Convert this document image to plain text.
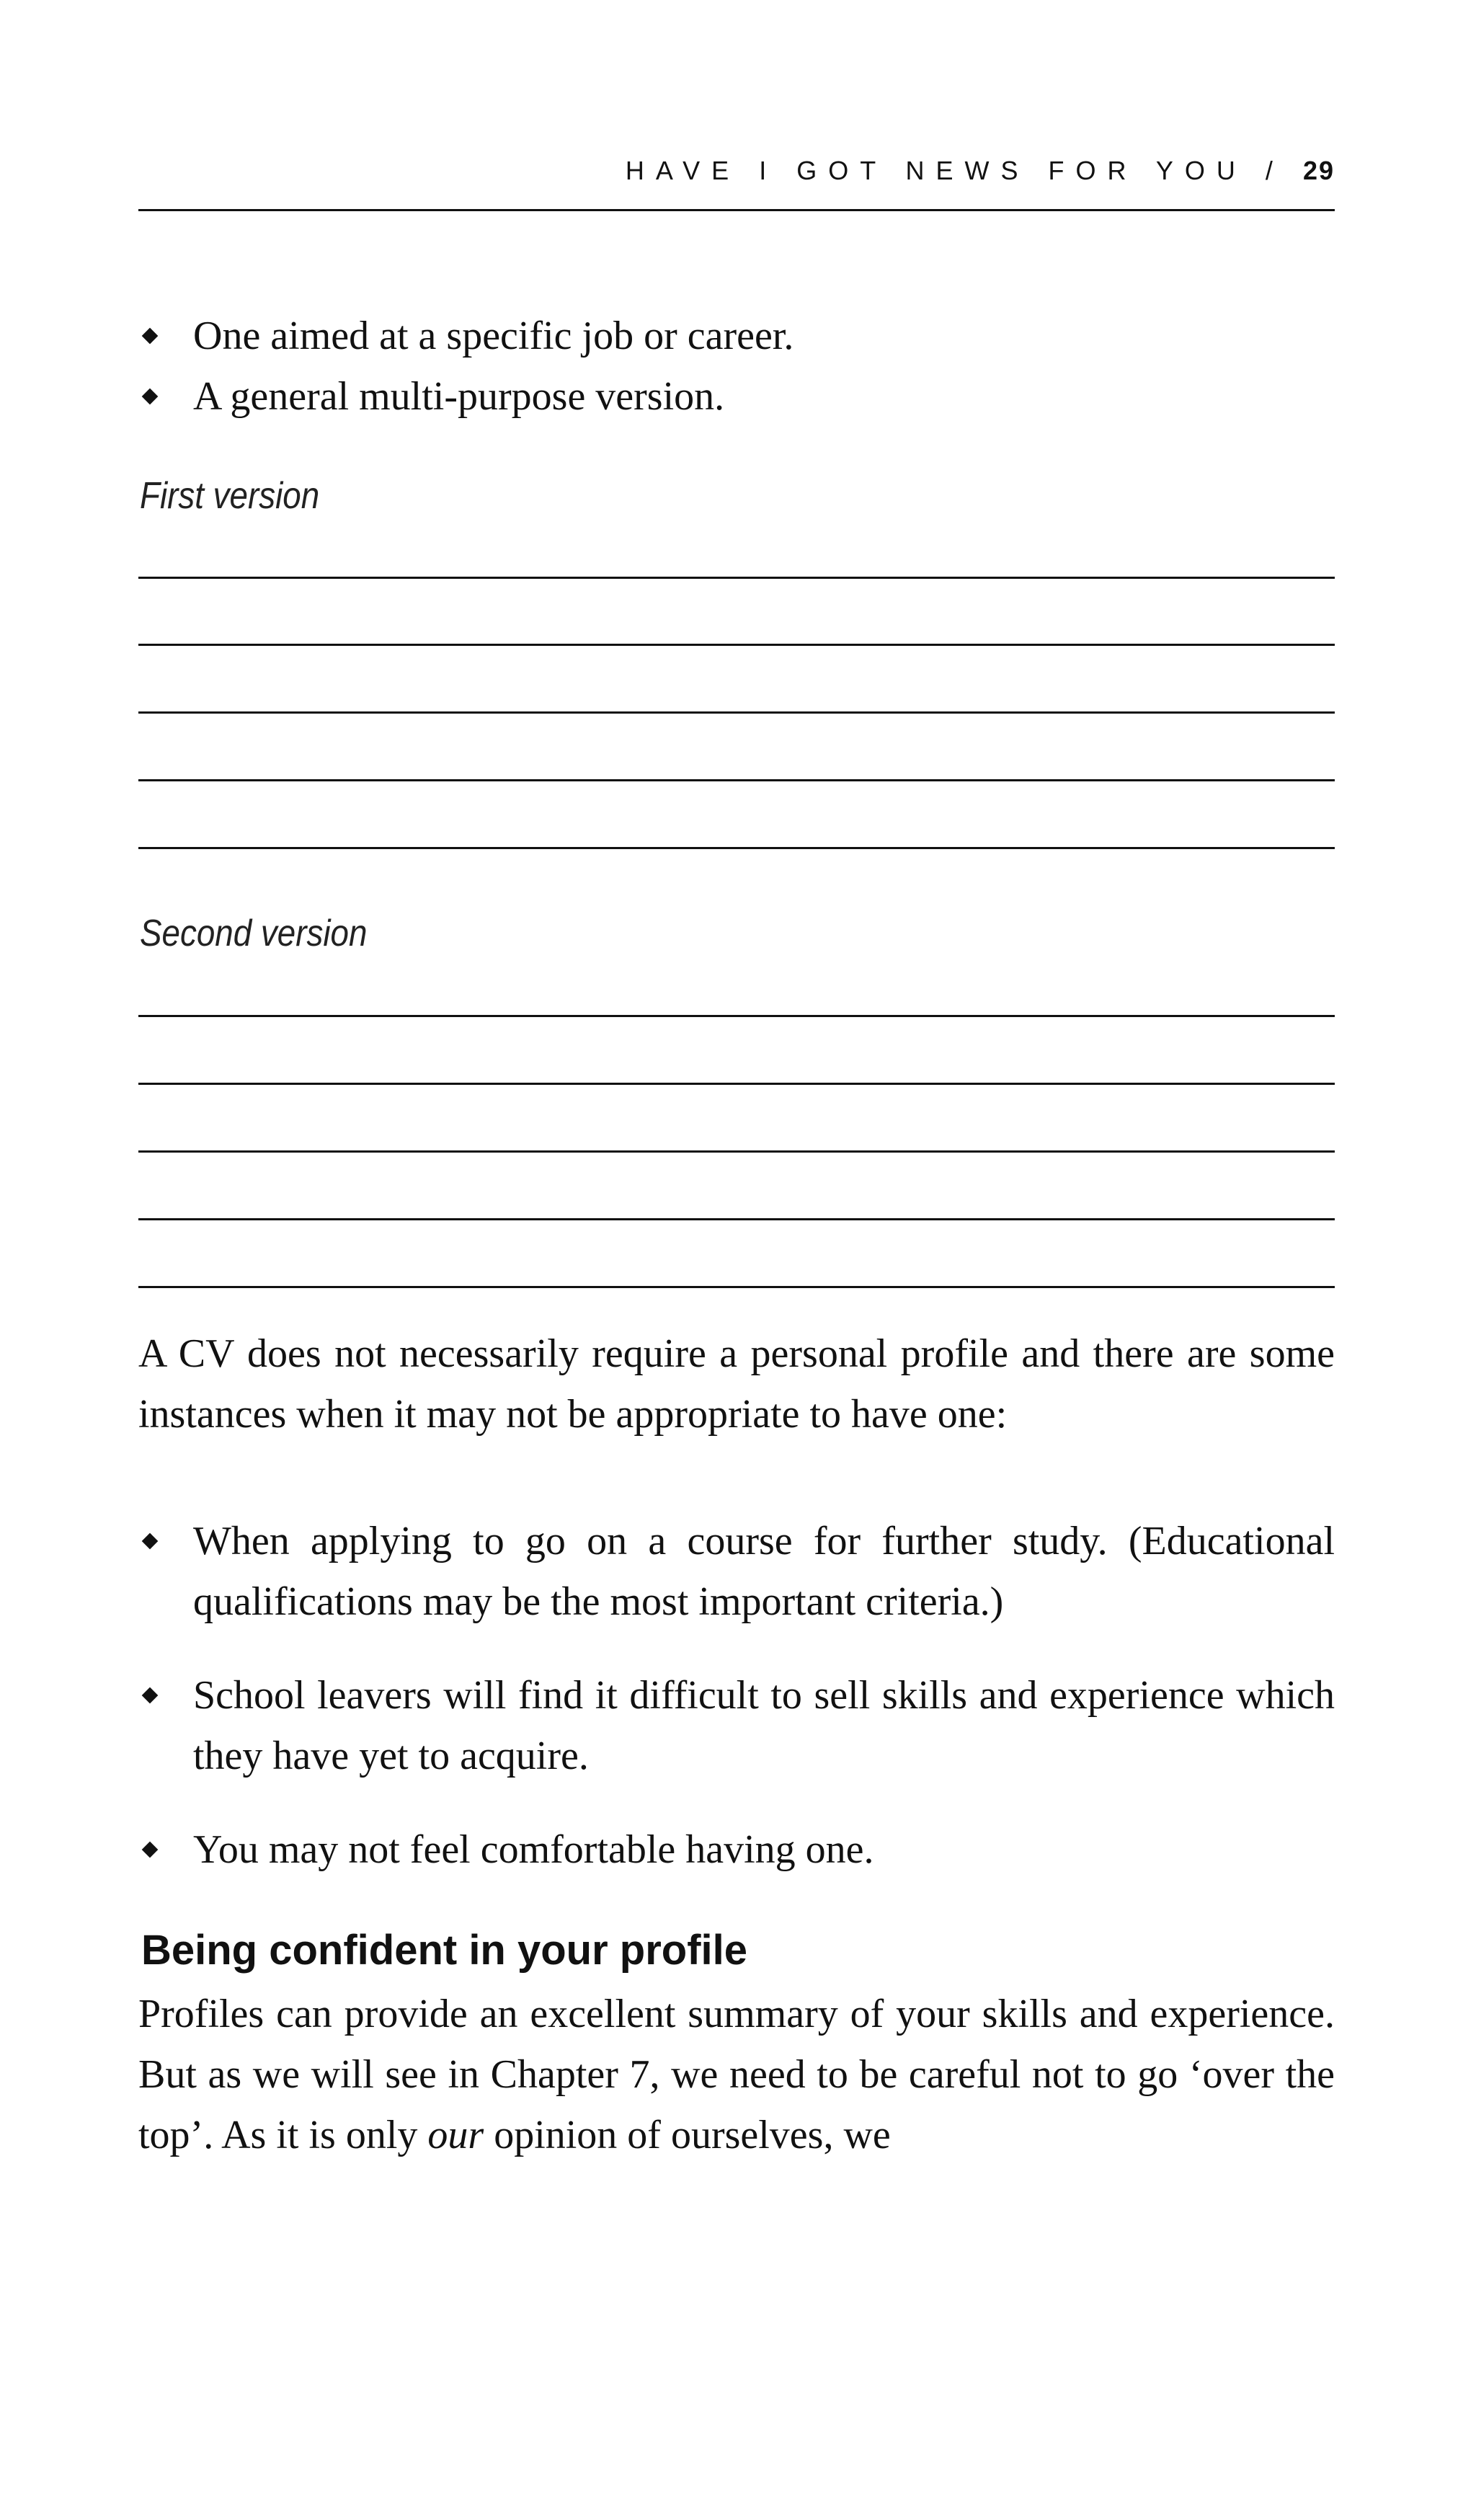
HAVE I GOT NEWS FOR YOU / 29
One aimed at a specific job or career.
A general multi-purpose version.
First version
Second version

A CV does not necessarily require a personal profile and there are some instances when it may not be appropriate to have one:

When applying to go on a course for further study. (Educational qualifications may be the most important criteria.)
School leavers will find it difficult to sell skills and experience which they have yet to acquire.
You may not feel comfortable having one.
Being confident in your profile

Profiles can provide an excellent summary of your skills and experience. But as we will see in Chapter 7, we need to be careful not to go ‘over the top’. As it is only our opinion of ourselves, we
